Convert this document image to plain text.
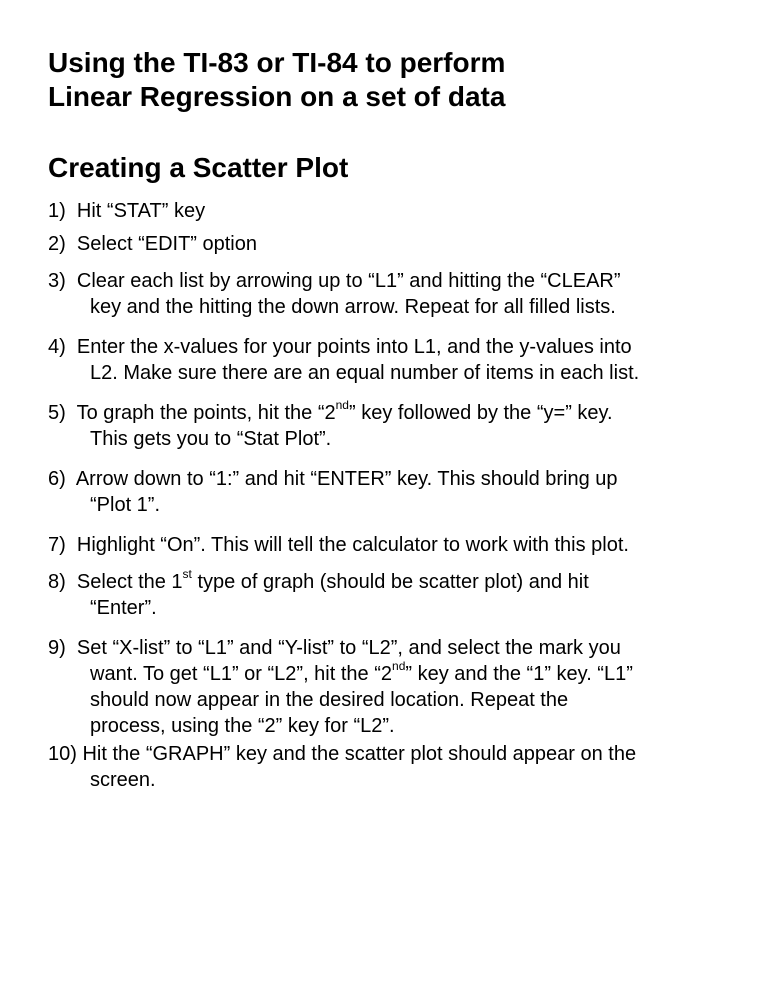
Using the TI-83 or TI-84 to perform
Linear Regression on a set of data
Creating a Scatter Plot
1) Hit “STAT” key
2) Select “EDIT” option
3) Clear each list by arrowing up to “L1” and hitting the “CLEAR”
key and the hitting the down arrow. Repeat for all filled lists.
4) Enter the x-values for your points into L1, and the y-values into
L2. Make sure there are an equal number of items in each list.
5) To graph the points, hit the “2nd” key followed by the “y=” key.
This gets you to “Stat Plot”.
6) Arrow down to “1:” and hit “ENTER” key. This should bring up
“Plot 1”.
7) Highlight “On”. This will tell the calculator to work with this plot.
8) Select the 1st type of graph (should be scatter plot) and hit
“Enter”.
9) Set “X-list” to “L1” and “Y-list” to “L2”, and select the mark you
want. To get “L1” or “L2”, hit the “2nd” key and the “1” key. “L1”
should now appear in the desired location. Repeat the
process, using the “2” key for “L2”.
10) Hit the “GRAPH” key and the scatter plot should appear on the
screen.
